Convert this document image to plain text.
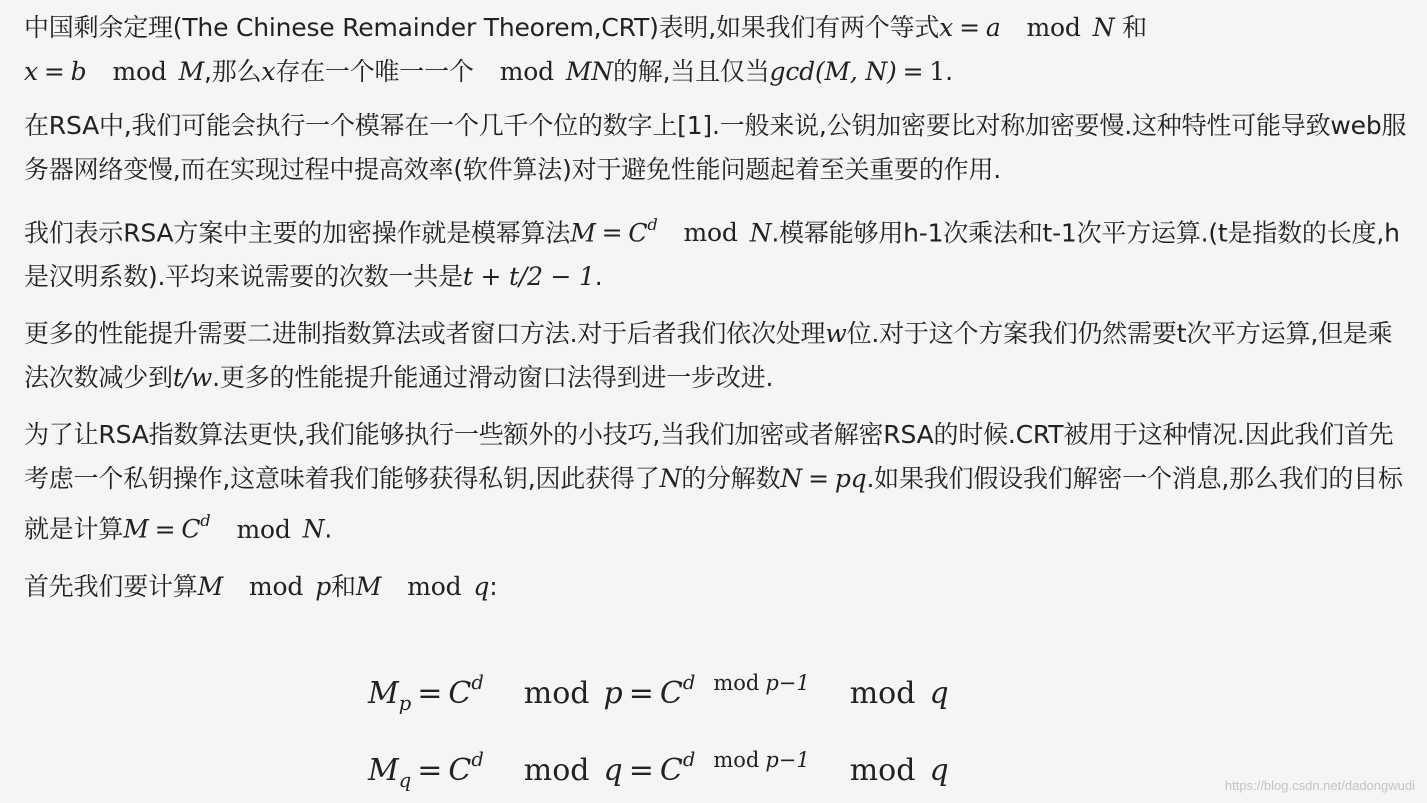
中国剩余定理(The Chinese Remainder Theorem,CRT)表明,如果我们有两个等式x = a mod N 和
x = b mod M,那么x存在一个唯一一个 mod MN的解,当且仅当gcd(M, N) = 1.

在RSA中,我们可能会执行一个模幂在一个几千个位的数字上[1].一般来说,公钥加密要比对称加密要慢.这种特性可能导致web服务器网络变慢,而在实现过程中提高效率(软件算法)对于避免性能问题起着至关重要的作用.

我们表示RSA方案中主要的加密操作就是模幂算法$M = C^d$ mod N.模幂能够用h-1次乘法和t-1次平方运算.(t是指数的长度,h是汉明系数).平均来说需要的次数一共是t + t/2 − 1.

更多的性能提升需要二进制指数算法或者窗口方法.对于后者我们依次处理w位.对于这个方案我们仍然需要t次平方运算,但是乘法次数减少到t/w.更多的性能提升能通过滑动窗口法得到进一步改进.

为了让RSA指数算法更快,我们能够执行一些额外的小技巧,当我们加密或者解密RSA的时候.CRT被用于这种情况.因此我们首先考虑一个私钥操作,这意味着我们能够获得私钥,因此获得了N的分解数N = pq.如果我们假设我们解密一个消息,那么我们的目标就是计算$M = C^d$ mod N.

首先我们要计算M mod p和M mod q:

$M_p = C^d$ mod $p = C^d$ $^{mod}$ $^{p-1}$ mod q
$M_q = C^d$ mod $q = C^d$ $^{mod}$ $^{p-1}$ mod q	https://blog.csdn.net/dadongwudi
